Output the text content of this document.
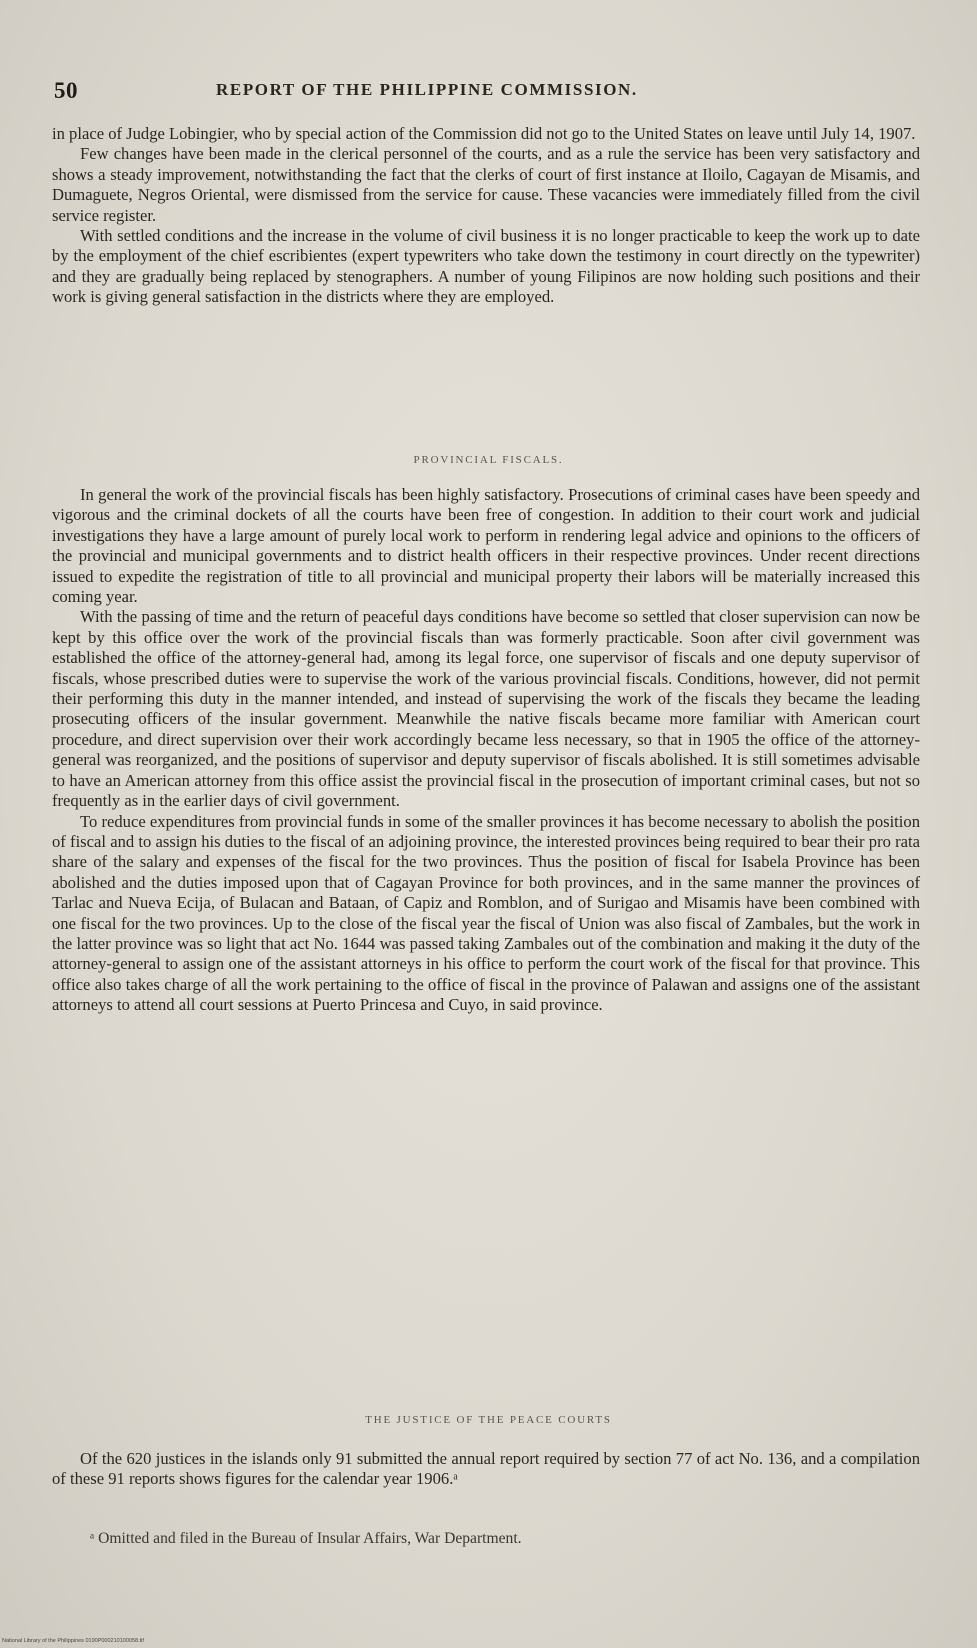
50	REPORT OF THE PHILIPPINE COMMISSION.

in place of Judge Lobingier, who by special action of the Commission did not go to the United States on leave until July 14, 1907.

Few changes have been made in the clerical personnel of the courts, and as a rule the service has been very satisfactory and shows a steady improvement, notwithstanding the fact that the clerks of court of first instance at Iloilo, Cagayan de Misamis, and Dumaguete, Negros Oriental, were dismissed from the service for cause. These vacancies were immediately filled from the civil service register.

With settled conditions and the increase in the volume of civil business it is no longer practicable to keep the work up to date by the employment of the chief escribientes (expert typewriters who take down the testimony in court directly on the typewriter) and they are gradually being replaced by stenographers. A number of young Filipinos are now holding such positions and their work is giving general satisfaction in the districts where they are employed.

PROVINCIAL FISCALS.

In general the work of the provincial fiscals has been highly satisfactory. Prosecutions of criminal cases have been speedy and vigorous and the criminal dockets of all the courts have been free of congestion. In addition to their court work and judicial investigations they have a large amount of purely local work to perform in rendering legal advice and opinions to the officers of the provincial and municipal governments and to district health officers in their respective provinces. Under recent directions issued to expedite the registration of title to all provincial and municipal property their labors will be materially increased this coming year.

With the passing of time and the return of peaceful days conditions have become so settled that closer supervision can now be kept by this office over the work of the provincial fiscals than was formerly practicable. Soon after civil government was established the office of the attorney-general had, among its legal force, one supervisor of fiscals and one deputy supervisor of fiscals, whose prescribed duties were to supervise the work of the various provincial fiscals. Conditions, however, did not permit their performing this duty in the manner intended, and instead of supervising the work of the fiscals they became the leading prosecuting officers of the insular government. Meanwhile the native fiscals became more familiar with American court procedure, and direct supervision over their work accordingly became less necessary, so that in 1905 the office of the attorney-general was reorganized, and the positions of supervisor and deputy supervisor of fiscals abolished. It is still sometimes advisable to have an American attorney from this office assist the provincial fiscal in the prosecution of important criminal cases, but not so frequently as in the earlier days of civil government.

To reduce expenditures from provincial funds in some of the smaller provinces it has become necessary to abolish the position of fiscal and to assign his duties to the fiscal of an adjoining province, the interested provinces being required to bear their pro rata share of the salary and expenses of the fiscal for the two provinces. Thus the position of fiscal for Isabela Province has been abolished and the duties imposed upon that of Cagayan Province for both provinces, and in the same manner the provinces of Tarlac and Nueva Ecija, of Bulacan and Bataan, of Capiz and Romblon, and of Surigao and Misamis have been combined with one fiscal for the two provinces. Up to the close of the fiscal year the fiscal of Union was also fiscal of Zambales, but the work in the latter province was so light that act No. 1644 was passed taking Zambales out of the combination and making it the duty of the attorney-general to assign one of the assistant attorneys in his office to perform the court work of the fiscal for that province. This office also takes charge of all the work pertaining to the office of fiscal in the province of Palawan and assigns one of the assistant attorneys to attend all court sessions at Puerto Princesa and Cuyo, in said province.

THE JUSTICE OF THE PEACE COURTS

Of the 620 justices in the islands only 91 submitted the annual report required by section 77 of act No. 136, and a compilation of these 91 reports shows figures for the calendar year 1906.ᵃ

ᵃ Omitted and filed in the Bureau of Insular Affairs, War Department.
National Library of the Philippines 0190P000210100058.tif
